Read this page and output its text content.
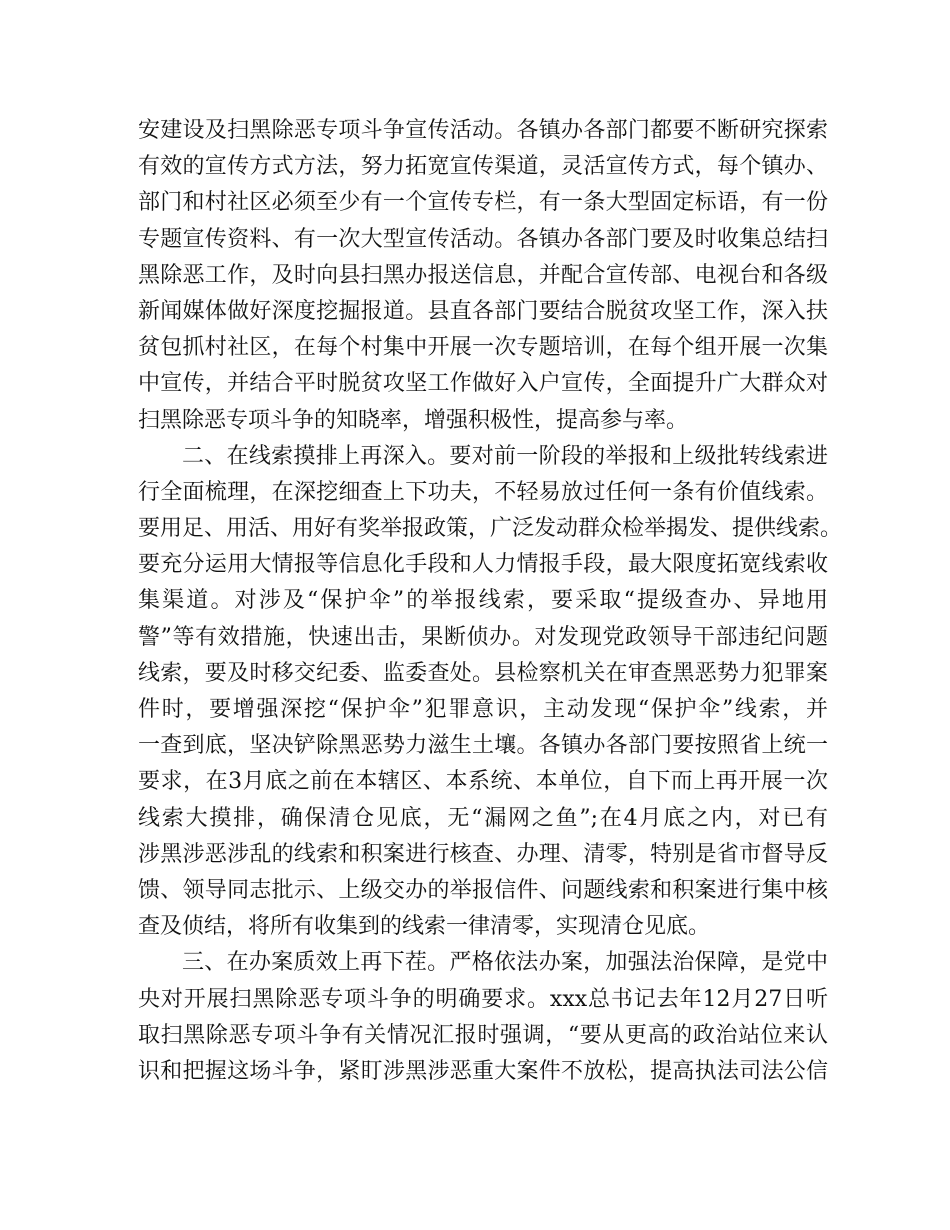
安建设及扫黑除恶专项斗争宣传活动。各镇办各部门都要不断研究探索
有效的宣传方式方法，努力拓宽宣传渠道，灵活宣传方式，每个镇办、
部门和村社区必须至少有一个宣传专栏，有一条大型固定标语，有一份
专题宣传资料、有一次大型宣传活动。各镇办各部门要及时收集总结扫
黑除恶工作，及时向县扫黑办报送信息，并配合宣传部、电视台和各级
新闻媒体做好深度挖掘报道。县直各部门要结合脱贫攻坚工作，深入扶
贫包抓村社区，在每个村集中开展一次专题培训，在每个组开展一次集
中宣传，并结合平时脱贫攻坚工作做好入户宣传，全面提升广大群众对
扫黑除恶专项斗争的知晓率，增强积极性，提高参与率。
二、在线索摸排上再深入。要对前一阶段的举报和上级批转线索进
行全面梳理，在深挖细查上下功夫，不轻易放过任何一条有价值线索。
要用足、用活、用好有奖举报政策，广泛发动群众检举揭发、提供线索。
要充分运用大情报等信息化手段和人力情报手段，最大限度拓宽线索收
集渠道。对涉及“保护伞”的举报线索，要采取“提级查办、异地用
警”等有效措施，快速出击，果断侦办。对发现党政领导干部违纪问题
线索，要及时移交纪委、监委查处。县检察机关在审查黑恶势力犯罪案
件时，要增强深挖“保护伞”犯罪意识，主动发现“保护伞”线索，并
一查到底，坚决铲除黑恶势力滋生土壤。各镇办各部门要按照省上统一
要求，在3月底之前在本辖区、本系统、本单位，自下而上再开展一次
线索大摸排，确保清仓见底，无“漏网之鱼”;在4月底之内，对已有
涉黑涉恶涉乱的线索和积案进行核查、办理、清零，特别是省市督导反
馈、领导同志批示、上级交办的举报信件、问题线索和积案进行集中核
查及侦结，将所有收集到的线索一律清零，实现清仓见底。
三、在办案质效上再下茬。严格依法办案，加强法治保障，是党中
央对开展扫黑除恶专项斗争的明确要求。xxx总书记去年12月27日听
取扫黑除恶专项斗争有关情况汇报时强调，“要从更高的政治站位来认
识和把握这场斗争，紧盯涉黑涉恶重大案件不放松，提高执法司法公信
